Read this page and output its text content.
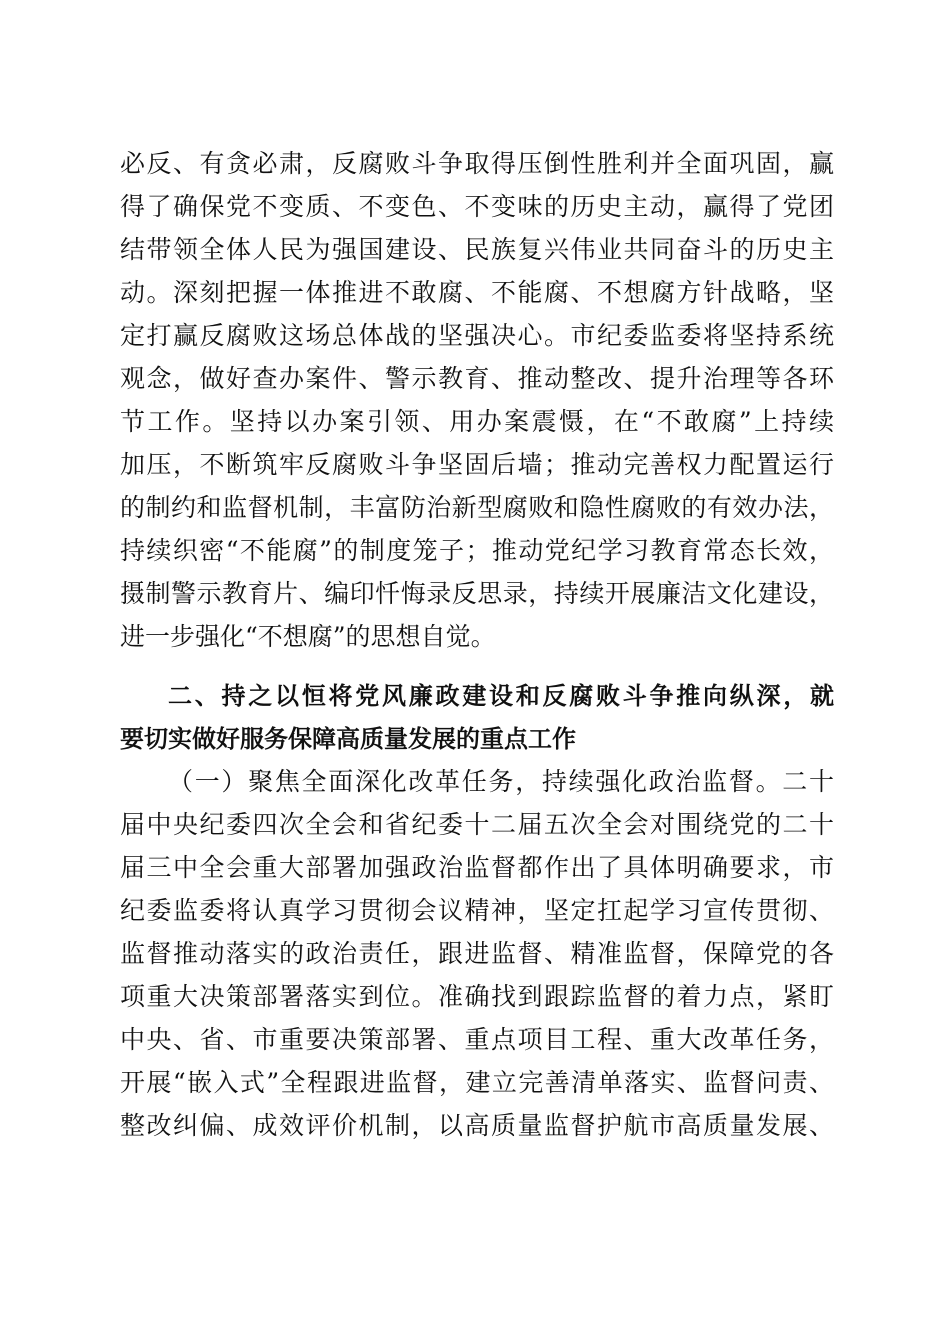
必反、有贪必肃，反腐败斗争取得压倒性胜利并全面巩固，赢
得了确保党不变质、不变色、不变味的历史主动，赢得了党团
结带领全体人民为强国建设、民族复兴伟业共同奋斗的历史主
动。深刻把握一体推进不敢腐、不能腐、不想腐方针战略，坚
定打赢反腐败这场总体战的坚强决心。市纪委监委将坚持系统
观念，做好查办案件、警示教育、推动整改、提升治理等各环
节工作。坚持以办案引领、用办案震慑，在“不敢腐”上持续
加压，不断筑牢反腐败斗争坚固后墙；推动完善权力配置运行
的制约和监督机制，丰富防治新型腐败和隐性腐败的有效办法，
持续织密“不能腐”的制度笼子；推动党纪学习教育常态长效，
摄制警示教育片、编印忏悔录反思录，持续开展廉洁文化建设，
进一步强化“不想腐”的思想自觉。
二、持之以恒将党风廉政建设和反腐败斗争推向纵深，就
要切实做好服务保障高质量发展的重点工作
（一）聚焦全面深化改革任务，持续强化政治监督。二十
届中央纪委四次全会和省纪委十二届五次全会对围绕党的二十
届三中全会重大部署加强政治监督都作出了具体明确要求，市
纪委监委将认真学习贯彻会议精神，坚定扛起学习宣传贯彻、
监督推动落实的政治责任，跟进监督、精准监督，保障党的各
项重大决策部署落实到位。准确找到跟踪监督的着力点，紧盯
中央、省、市重要决策部署、重点项目工程、重大改革任务，
开展“嵌入式”全程跟进监督，建立完善清单落实、监督问责、
整改纠偏、成效评价机制，以高质量监督护航市高质量发展、
